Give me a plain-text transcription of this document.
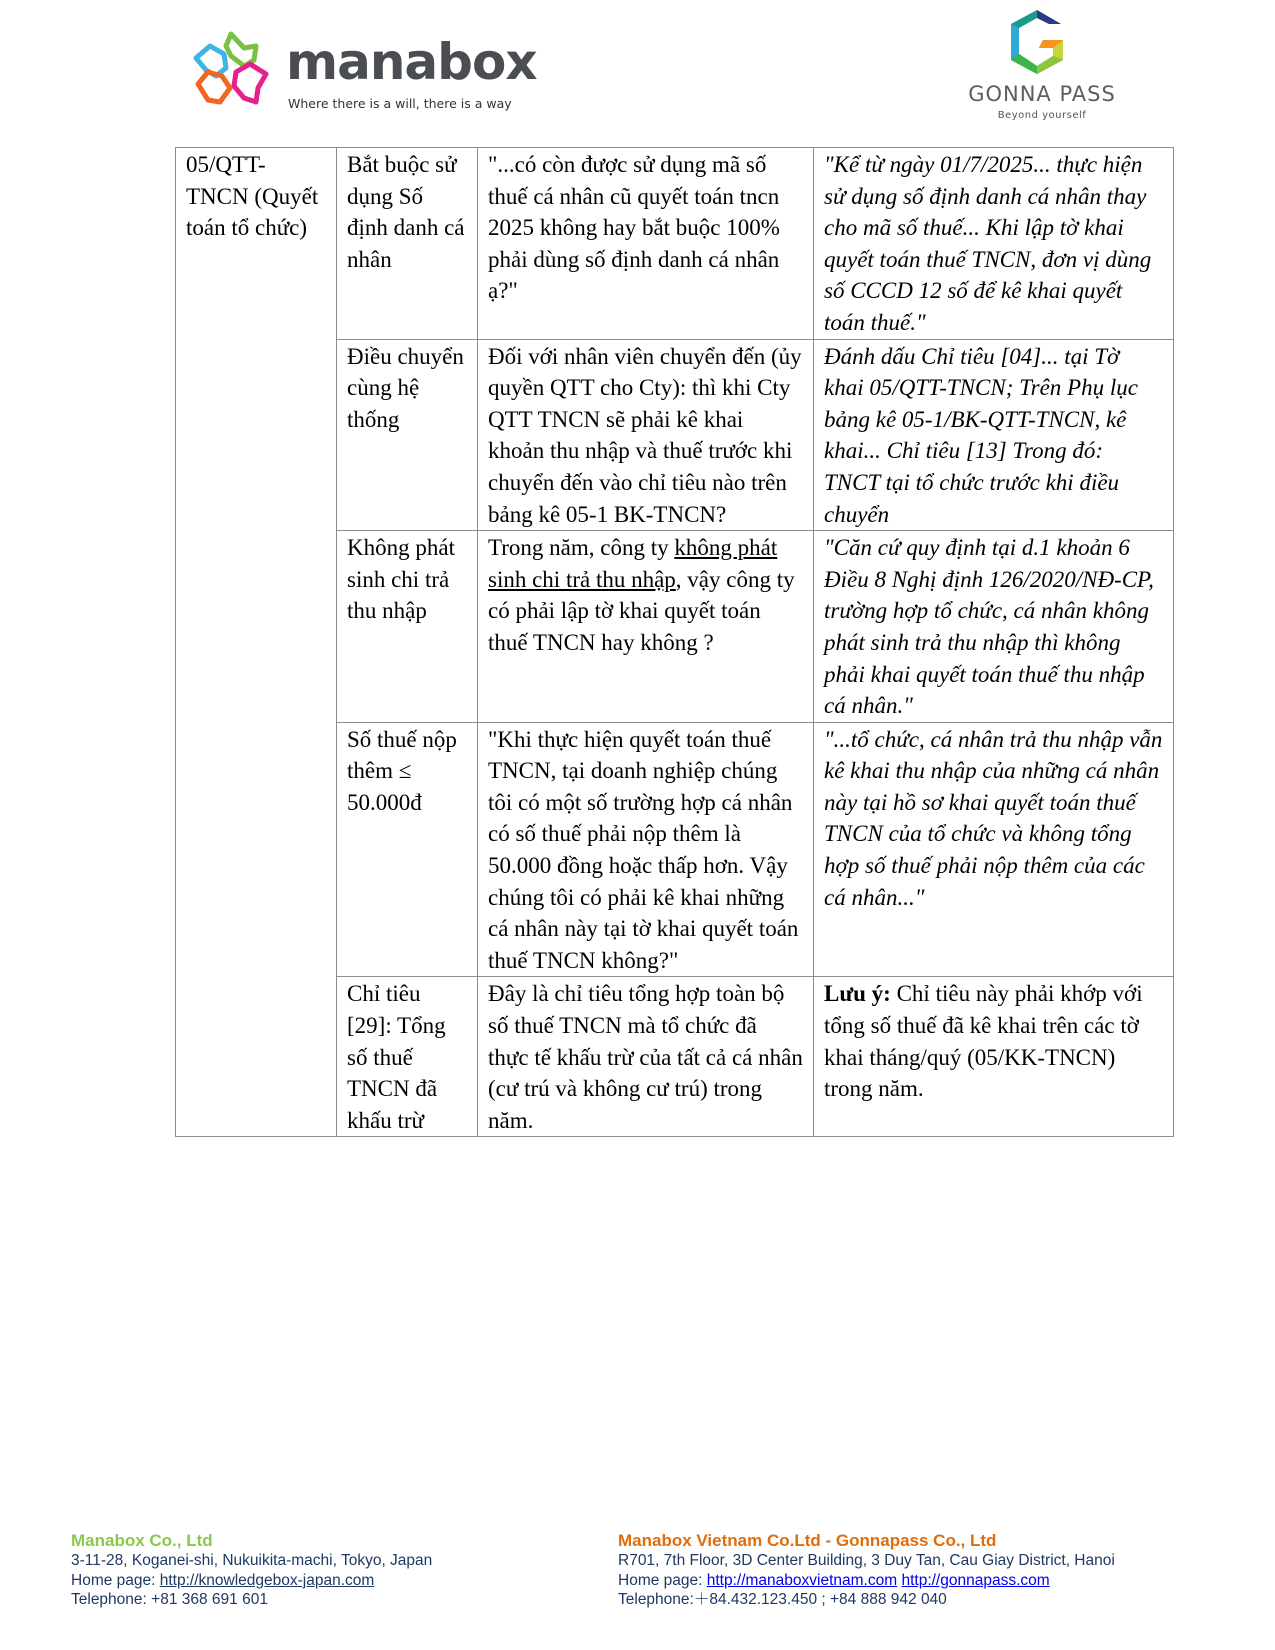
manabox
Where there is a will, there is a way	GONNA PASS
Beyond yourself
05/QTT-TNCN (Quyết toán tổ chức)	Bắt buộc sử dụng Số định danh cá nhân	"...có còn được sử dụng mã số thuế cá nhân cũ quyết toán tncn 2025 không hay bắt buộc 100% phải dùng số định danh cá nhân ạ?"	"Kể từ ngày 01/7/2025... thực hiện sử dụng số định danh cá nhân thay cho mã số thuế... Khi lập tờ khai quyết toán thuế TNCN, đơn vị dùng số CCCD 12 số để kê khai quyết toán thuế."
	Điều chuyển cùng hệ thống	Đối với nhân viên chuyển đến (ủy quyền QTT cho Cty): thì khi Cty QTT TNCN sẽ phải kê khai khoản thu nhập và thuế trước khi chuyển đến vào chỉ tiêu nào trên bảng kê 05-1 BK-TNCN?	Đánh dấu Chỉ tiêu [04]... tại Tờ khai 05/QTT-TNCN; Trên Phụ lục bảng kê 05-1/BK-QTT-TNCN, kê khai... Chỉ tiêu [13] Trong đó: TNCT tại tổ chức trước khi điều chuyển
	Không phát sinh chi trả thu nhập	Trong năm, công ty không phát sinh chi trả thu nhập, vậy công ty có phải lập tờ khai quyết toán thuế TNCN hay không ?	"Căn cứ quy định tại d.1 khoản 6 Điều 8 Nghị định 126/2020/NĐ-CP, trường hợp tổ chức, cá nhân không phát sinh trả thu nhập thì không phải khai quyết toán thuế thu nhập cá nhân."
	Số thuế nộp thêm ≤ 50.000đ	"Khi thực hiện quyết toán thuế TNCN, tại doanh nghiệp chúng tôi có một số trường hợp cá nhân có số thuế phải nộp thêm là 50.000 đồng hoặc thấp hơn. Vậy chúng tôi có phải kê khai những cá nhân này tại tờ khai quyết toán thuế TNCN không?"	"...tổ chức, cá nhân trả thu nhập vẫn kê khai thu nhập của những cá nhân này tại hồ sơ khai quyết toán thuế TNCN của tổ chức và không tổng hợp số thuế phải nộp thêm của các cá nhân..."
	Chỉ tiêu [29]: Tổng số thuế TNCN đã khấu trừ	Đây là chỉ tiêu tổng hợp toàn bộ số thuế TNCN mà tổ chức đã thực tế khấu trừ của tất cả cá nhân (cư trú và không cư trú) trong năm.	Lưu ý: Chỉ tiêu này phải khớp với tổng số thuế đã kê khai trên các tờ khai tháng/quý (05/KK-TNCN) trong năm.
Manabox Co., Ltd
3-11-28, Koganei-shi, Nukuikita-machi, Tokyo, Japan
Home page: http://knowledgebox-japan.com
Telephone: +81 368 691 601
Manabox Vietnam Co.Ltd - Gonnapass Co., Ltd
R701, 7th Floor, 3D Center Building, 3 Duy Tan, Cau Giay District, Hanoi
Home page: http://manaboxvietnam.com http://gonnapass.com
Telephone:＋84.432.123.450 ; +84 888 942 040
